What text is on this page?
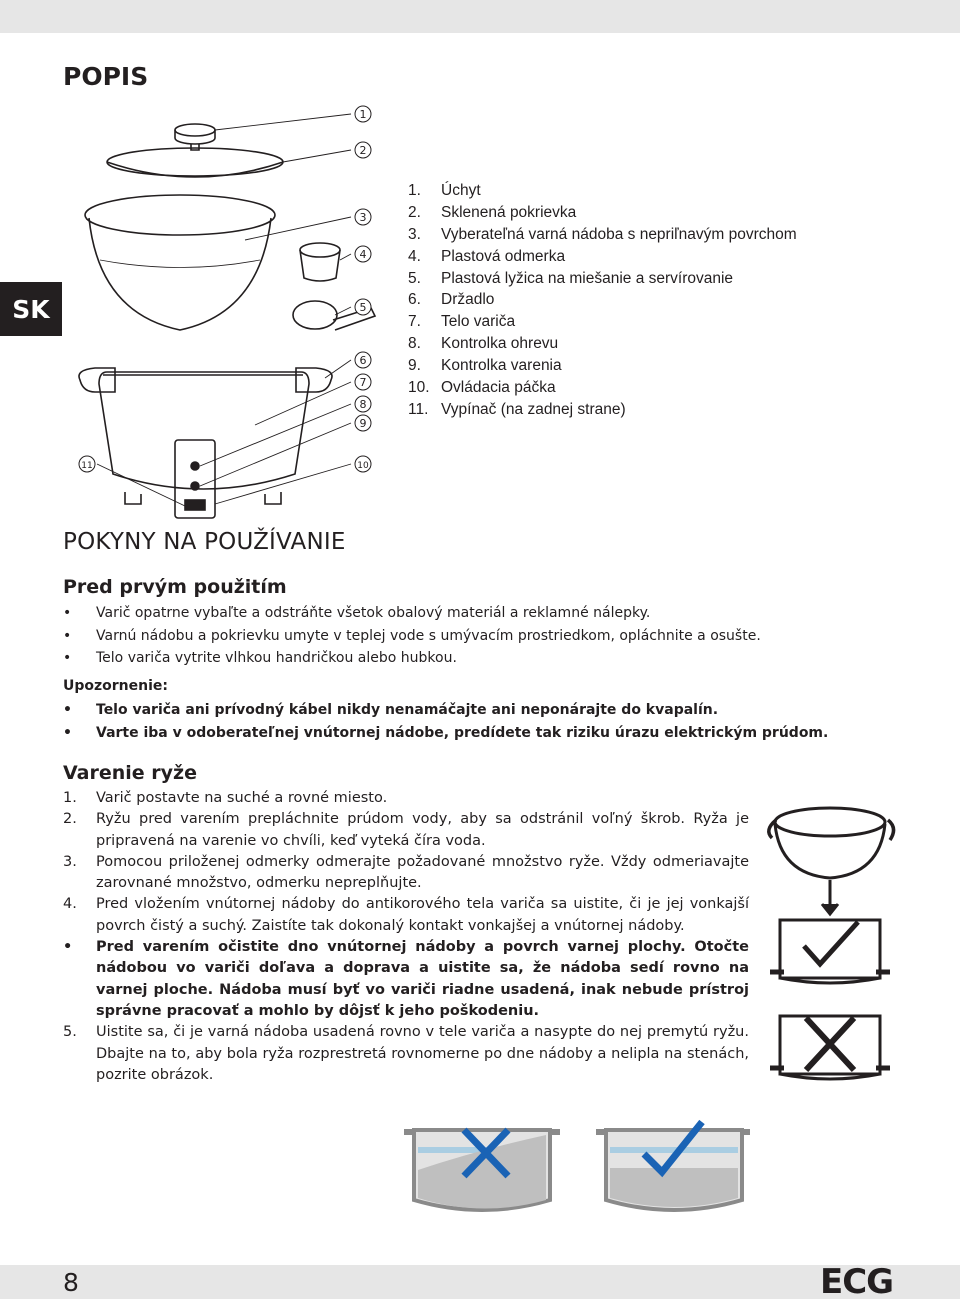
SK
POPIS
1
2
3
4
5
6
7
8
9
10
11
1.	Úchyt
2.	Sklenená pokrievka
3.	Vyberateľná varná nádoba s nepriľnavým povrchom
4.	Plastová odmerka
5.	Plastová lyžica na miešanie a servírovanie
6.	Držadlo
7.	Telo variča
8.	Kontrolka ohrevu
9.	Kontrolka varenia
10. Ovládacia páčka
11. Vypínač (na zadnej strane)
POKYNY NA POUŽÍVANIE
Pred prvým použitím
• Varič opatrne vybaľte a odstráňte všetok obalový materiál a reklamné nálepky.
• Varnú nádobu a pokrievku umyte v teplej vode s umývacím prostriedkom, opláchnite a osušte.
• Telo variča vytrite vlhkou handričkou alebo hubkou.
Upozornenie:
• Telo variča ani prívodný kábel nikdy nenamáčajte ani neponárajte do kvapalín.
• Varte iba v odoberateľnej vnútornej nádobe, predídete tak riziku úrazu elektrickým prúdom.
Varenie ryže
1. Varič postavte na suché a rovné miesto.
2. Ryžu pred varením prepláchnite prúdom vody, aby sa odstránil voľný škrob. Ryža je pripravená na varenie vo chvíli, keď vyteká číra voda.
3. Pomocou priloženej odmerky odmerajte požadované množstvo ryže. Vždy odmeriavajte zarovnané množstvo, odmerku nepreplňujte.
4. Pred vložením vnútornej nádoby do antikorového tela variča sa uistite, či je jej vonkajší povrch čistý a suchý. Zaistíte tak dokonalý kontakt vonkajšej a vnútornej nádoby.
• Pred varením očistite dno vnútornej nádoby a povrch varnej plochy. Otočte nádobou vo variči doľava a doprava a uistite sa, že nádoba sedí rovno na varnej ploche. Nádoba musí byť vo variči riadne usadená, inak nebude prístroj správne pracovať a mohlo by dôjsť k jeho poškodeniu.
5. Uistite sa, či je varná nádoba usadená rovno v tele variča a nasypte do nej premytú ryžu. Dbajte na to, aby bola ryža rozprestretá rovnomerne po dne nádoby a nelipla na stenách, pozrite obrázok.
8	ECG
